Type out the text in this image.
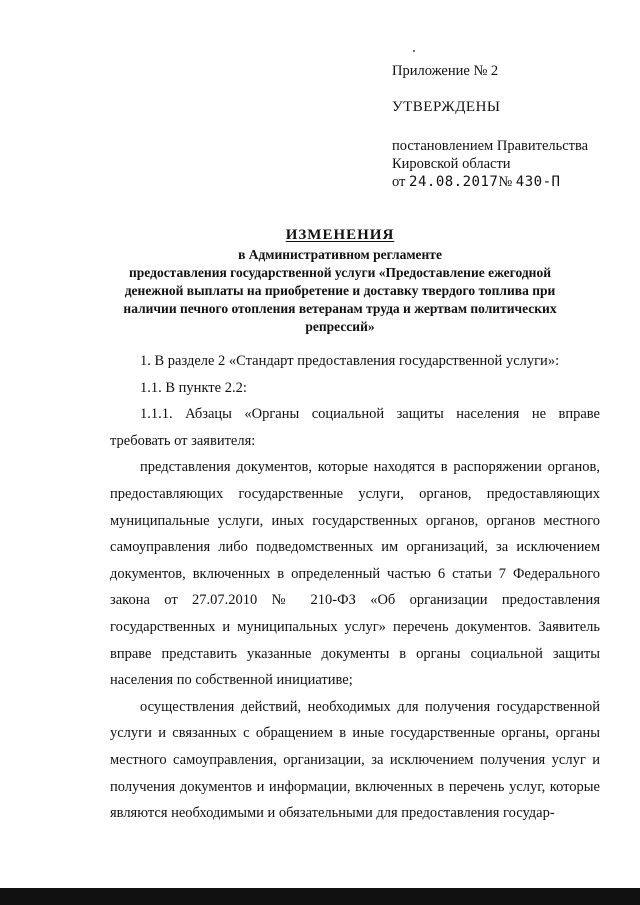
Приложение № 2
УТВЕРЖДЕНЫ
постановлением Правительства
Кировской области
от 24.08.2017№ 430-П
ИЗМЕНЕНИЯ
в Административном регламенте
предоставления государственной услуги «Предоставление ежегодной
денежной выплаты на приобретение и доставку твердого топлива при
наличии печного отопления ветеранам труда и жертвам политических
репрессий»

1. В разделе 2 «Стандарт предоставления государственной услуги»:

1.1. В пункте 2.2:

1.1.1. Абзацы «Органы социальной защиты населения не вправе требовать от заявителя:

представления документов, которые находятся в распоряжении органов, предоставляющих государственные услуги, органов, предоставляющих муниципальные услуги, иных государственных органов, органов местного самоуправления либо подведомственных им организаций, за исключением документов, включенных в определенный частью 6 статьи 7 Федерального закона от 27.07.2010 № 210-ФЗ «Об организации предоставления государственных и муниципальных услуг» перечень документов. Заявитель вправе представить указанные документы в органы социальной защиты населения по собственной инициативе;

осуществления действий, необходимых для получения государственной услуги и связанных с обращением в иные государственные органы, органы местного самоуправления, организации, за исключением получения услуг и получения документов и информации, включенных в перечень услуг, которые являются необходимыми и обязательными для предоставления государ-
